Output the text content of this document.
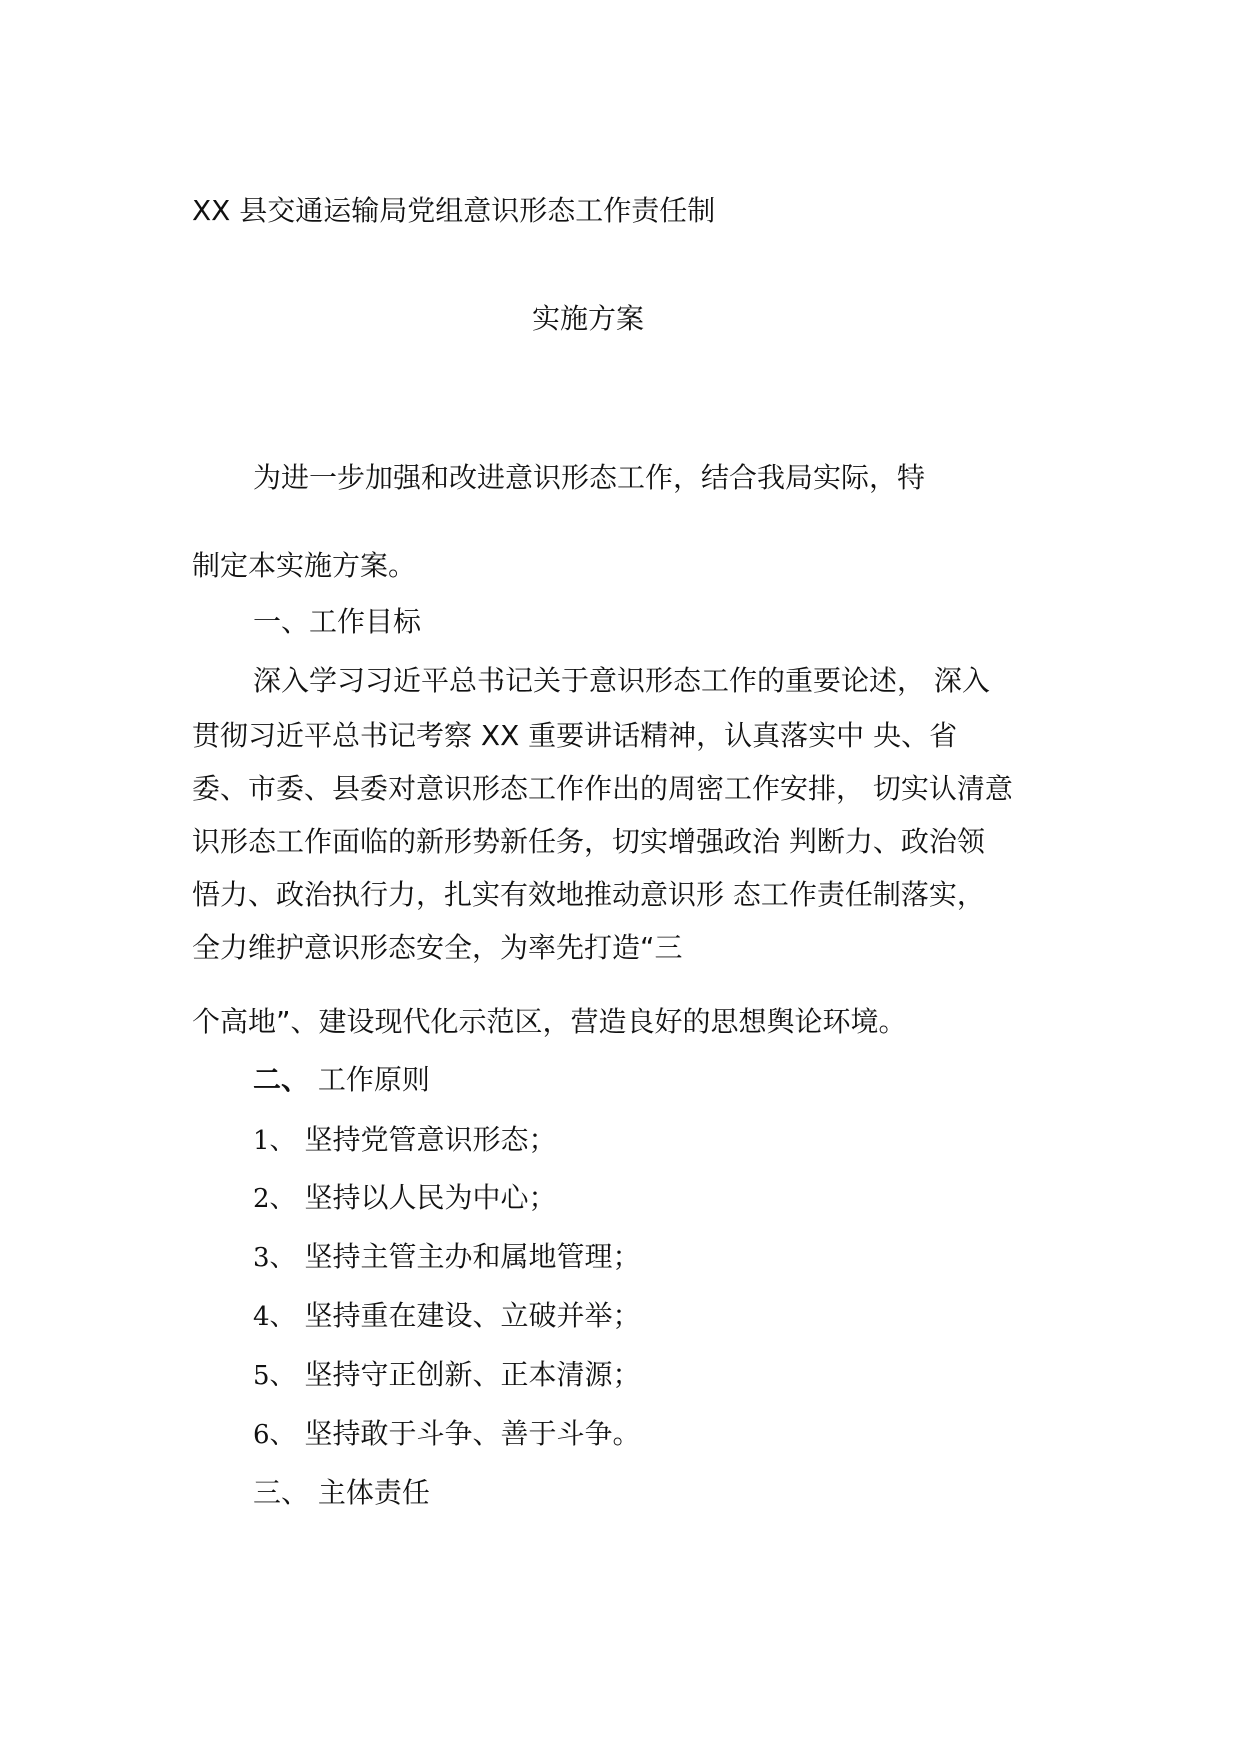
XX 县交通运输局党组意识形态工作责任制
实施方案
为进一步加强和改进意识形态工作，结合我局实际，特
制定本实施方案。
一、工作目标
深入学习习近平总书记关于意识形态工作的重要论述， 深入
贯彻习近平总书记考察 XX 重要讲话精神，认真落实中 央、省
委、市委、县委对意识形态工作作出的周密工作安排， 切实认清意
识形态工作面临的新形势新任务，切实增强政治 判断力、政治领
悟力、政治执行力，扎实有效地推动意识形 态工作责任制落实，
全力维护意识形态安全，为率先打造“三
个高地”、建设现代化示范区，营造良好的思想舆论环境。
二、 工作原则
1、 坚持党管意识形态；
2、 坚持以人民为中心；
3、 坚持主管主办和属地管理；
4、 坚持重在建设、立破并举；
5、 坚持守正创新、正本清源；
6、 坚持敢于斗争、善于斗争。
三、 主体责任
